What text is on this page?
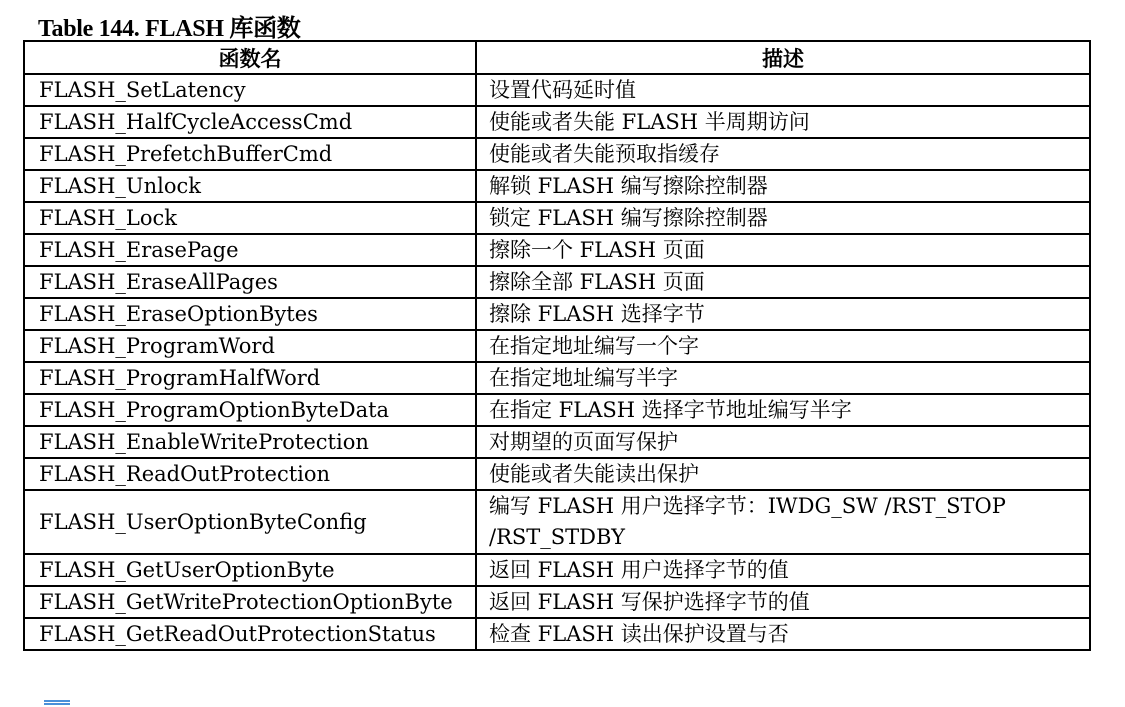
Table 144. FLASH 库函数
函数名	描述
FLASH_SetLatency	设置代码延时值
FLASH_HalfCycleAccessCmd	使能或者失能 FLASH 半周期访问
FLASH_PrefetchBufferCmd	使能或者失能预取指缓存
FLASH_Unlock	解锁 FLASH 编写擦除控制器
FLASH_Lock	锁定 FLASH 编写擦除控制器
FLASH_ErasePage	擦除一个 FLASH 页面
FLASH_EraseAllPages	擦除全部 FLASH 页面
FLASH_EraseOptionBytes	擦除 FLASH 选择字节
FLASH_ProgramWord	在指定地址编写一个字
FLASH_ProgramHalfWord	在指定地址编写半字
FLASH_ProgramOptionByteData	在指定 FLASH 选择字节地址编写半字
FLASH_EnableWriteProtection	对期望的页面写保护
FLASH_ReadOutProtection	使能或者失能读出保护
FLASH_UserOptionByteConfig	编写 FLASH 用户选择字节：IWDG_SW /RST_STOP /RST_STDBY
FLASH_GetUserOptionByte	返回 FLASH 用户选择字节的值
FLASH_GetWriteProtectionOptionByte	返回 FLASH 写保护选择字节的值
FLASH_GetReadOutProtectionStatus	检查 FLASH 读出保护设置与否
